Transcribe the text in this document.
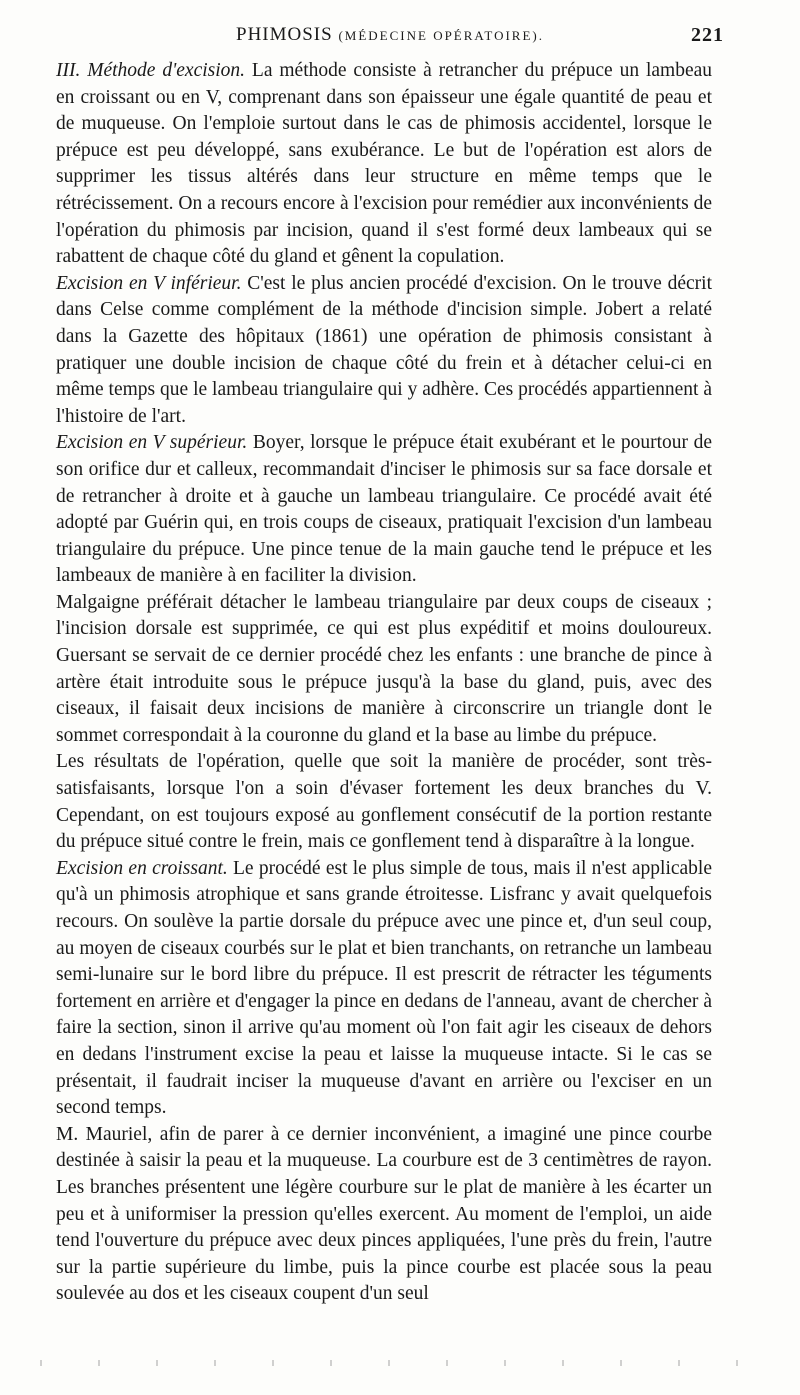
PHIMOSIS (MÉDECINE OPÉRATOIRE).	221

III. Méthode d'excision. La méthode consiste à retrancher du prépuce un lambeau en croissant ou en V, comprenant dans son épaisseur une égale quantité de peau et de muqueuse. On l'emploie surtout dans le cas de phimosis accidentel, lorsque le prépuce est peu développé, sans exubérance. Le but de l'opération est alors de supprimer les tissus altérés dans leur structure en même temps que le rétrécissement. On a recours encore à l'excision pour remédier aux inconvénients de l'opération du phimosis par incision, quand il s'est formé deux lambeaux qui se rabattent de chaque côté du gland et gênent la copulation.

Excision en V inférieur. C'est le plus ancien procédé d'excision. On le trouve décrit dans Celse comme complément de la méthode d'incision simple. Jobert a relaté dans la Gazette des hôpitaux (1861) une opération de phimosis consistant à pratiquer une double incision de chaque côté du frein et à détacher celui-ci en même temps que le lambeau triangulaire qui y adhère. Ces procédés appartiennent à l'histoire de l'art.

Excision en V supérieur. Boyer, lorsque le prépuce était exubérant et le pourtour de son orifice dur et calleux, recommandait d'inciser le phimosis sur sa face dorsale et de retrancher à droite et à gauche un lambeau triangulaire. Ce procédé avait été adopté par Guérin qui, en trois coups de ciseaux, pratiquait l'excision d'un lambeau triangulaire du prépuce. Une pince tenue de la main gauche tend le prépuce et les lambeaux de manière à en faciliter la division.

Malgaigne préférait détacher le lambeau triangulaire par deux coups de ciseaux ; l'incision dorsale est supprimée, ce qui est plus expéditif et moins douloureux. Guersant se servait de ce dernier procédé chez les enfants : une branche de pince à artère était introduite sous le prépuce jusqu'à la base du gland, puis, avec des ciseaux, il faisait deux incisions de manière à circonscrire un triangle dont le sommet correspondait à la couronne du gland et la base au limbe du prépuce.

Les résultats de l'opération, quelle que soit la manière de procéder, sont très-satisfaisants, lorsque l'on a soin d'évaser fortement les deux branches du V. Cependant, on est toujours exposé au gonflement consécutif de la portion restante du prépuce situé contre le frein, mais ce gonflement tend à disparaître à la longue.

Excision en croissant. Le procédé est le plus simple de tous, mais il n'est applicable qu'à un phimosis atrophique et sans grande étroitesse. Lisfranc y avait quelquefois recours. On soulève la partie dorsale du prépuce avec une pince et, d'un seul coup, au moyen de ciseaux courbés sur le plat et bien tranchants, on retranche un lambeau semi-lunaire sur le bord libre du prépuce. Il est prescrit de rétracter les téguments fortement en arrière et d'engager la pince en dedans de l'anneau, avant de chercher à faire la section, sinon il arrive qu'au moment où l'on fait agir les ciseaux de dehors en dedans l'instrument excise la peau et laisse la muqueuse intacte. Si le cas se présentait, il faudrait inciser la muqueuse d'avant en arrière ou l'exciser en un second temps.

M. Mauriel, afin de parer à ce dernier inconvénient, a imaginé une pince courbe destinée à saisir la peau et la muqueuse. La courbure est de 3 centimètres de rayon. Les branches présentent une légère courbure sur le plat de manière à les écarter un peu et à uniformiser la pression qu'elles exercent. Au moment de l'emploi, un aide tend l'ouverture du prépuce avec deux pinces appliquées, l'une près du frein, l'autre sur la partie supérieure du limbe, puis la pince courbe est placée sous la peau soulevée au dos et les ciseaux coupent d'un seul
